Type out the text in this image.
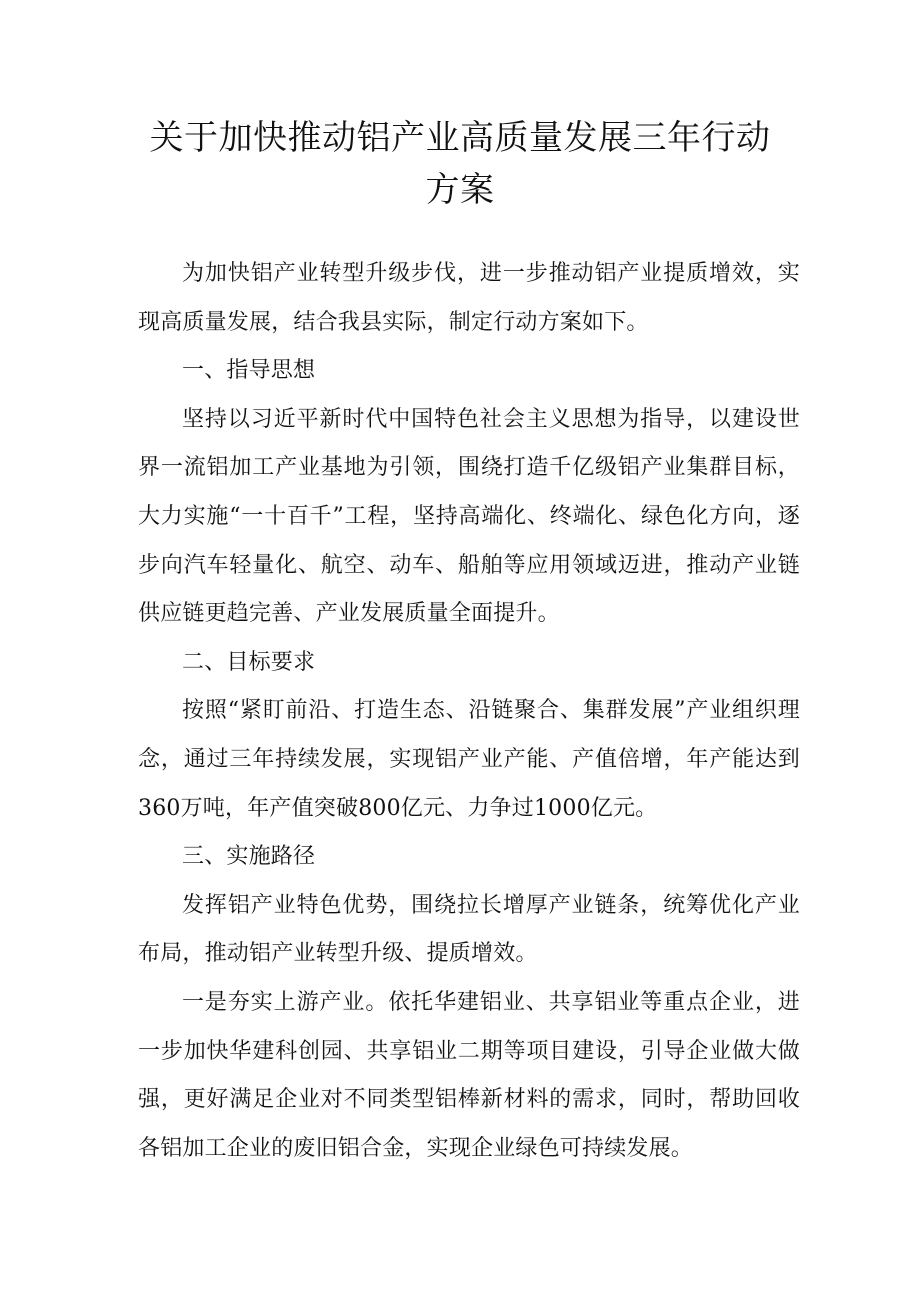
关于加快推动铝产业高质量发展三年行动
方案

为加快铝产业转型升级步伐，进一步推动铝产业提质增效，实现高质量发展，结合我县实际，制定行动方案如下。

一、指导思想

坚持以习近平新时代中国特色社会主义思想为指导，以建设世界一流铝加工产业基地为引领，围绕打造千亿级铝产业集群目标，大力实施“一十百千”工程，坚持高端化、终端化、绿色化方向，逐步向汽车轻量化、航空、动车、船舶等应用领域迈进，推动产业链供应链更趋完善、产业发展质量全面提升。

二、目标要求

按照“紧盯前沿、打造生态、沿链聚合、集群发展”产业组织理念，通过三年持续发展，实现铝产业产能、产值倍增，年产能达到360万吨，年产值突破800亿元、力争过1000亿元。

三、实施路径

发挥铝产业特色优势，围绕拉长增厚产业链条，统筹优化产业布局，推动铝产业转型升级、提质增效。

一是夯实上游产业。依托华建铝业、共享铝业等重点企业，进一步加快华建科创园、共享铝业二期等项目建设，引导企业做大做强，更好满足企业对不同类型铝棒新材料的需求，同时，帮助回收各铝加工企业的废旧铝合金，实现企业绿色可持续发展。
